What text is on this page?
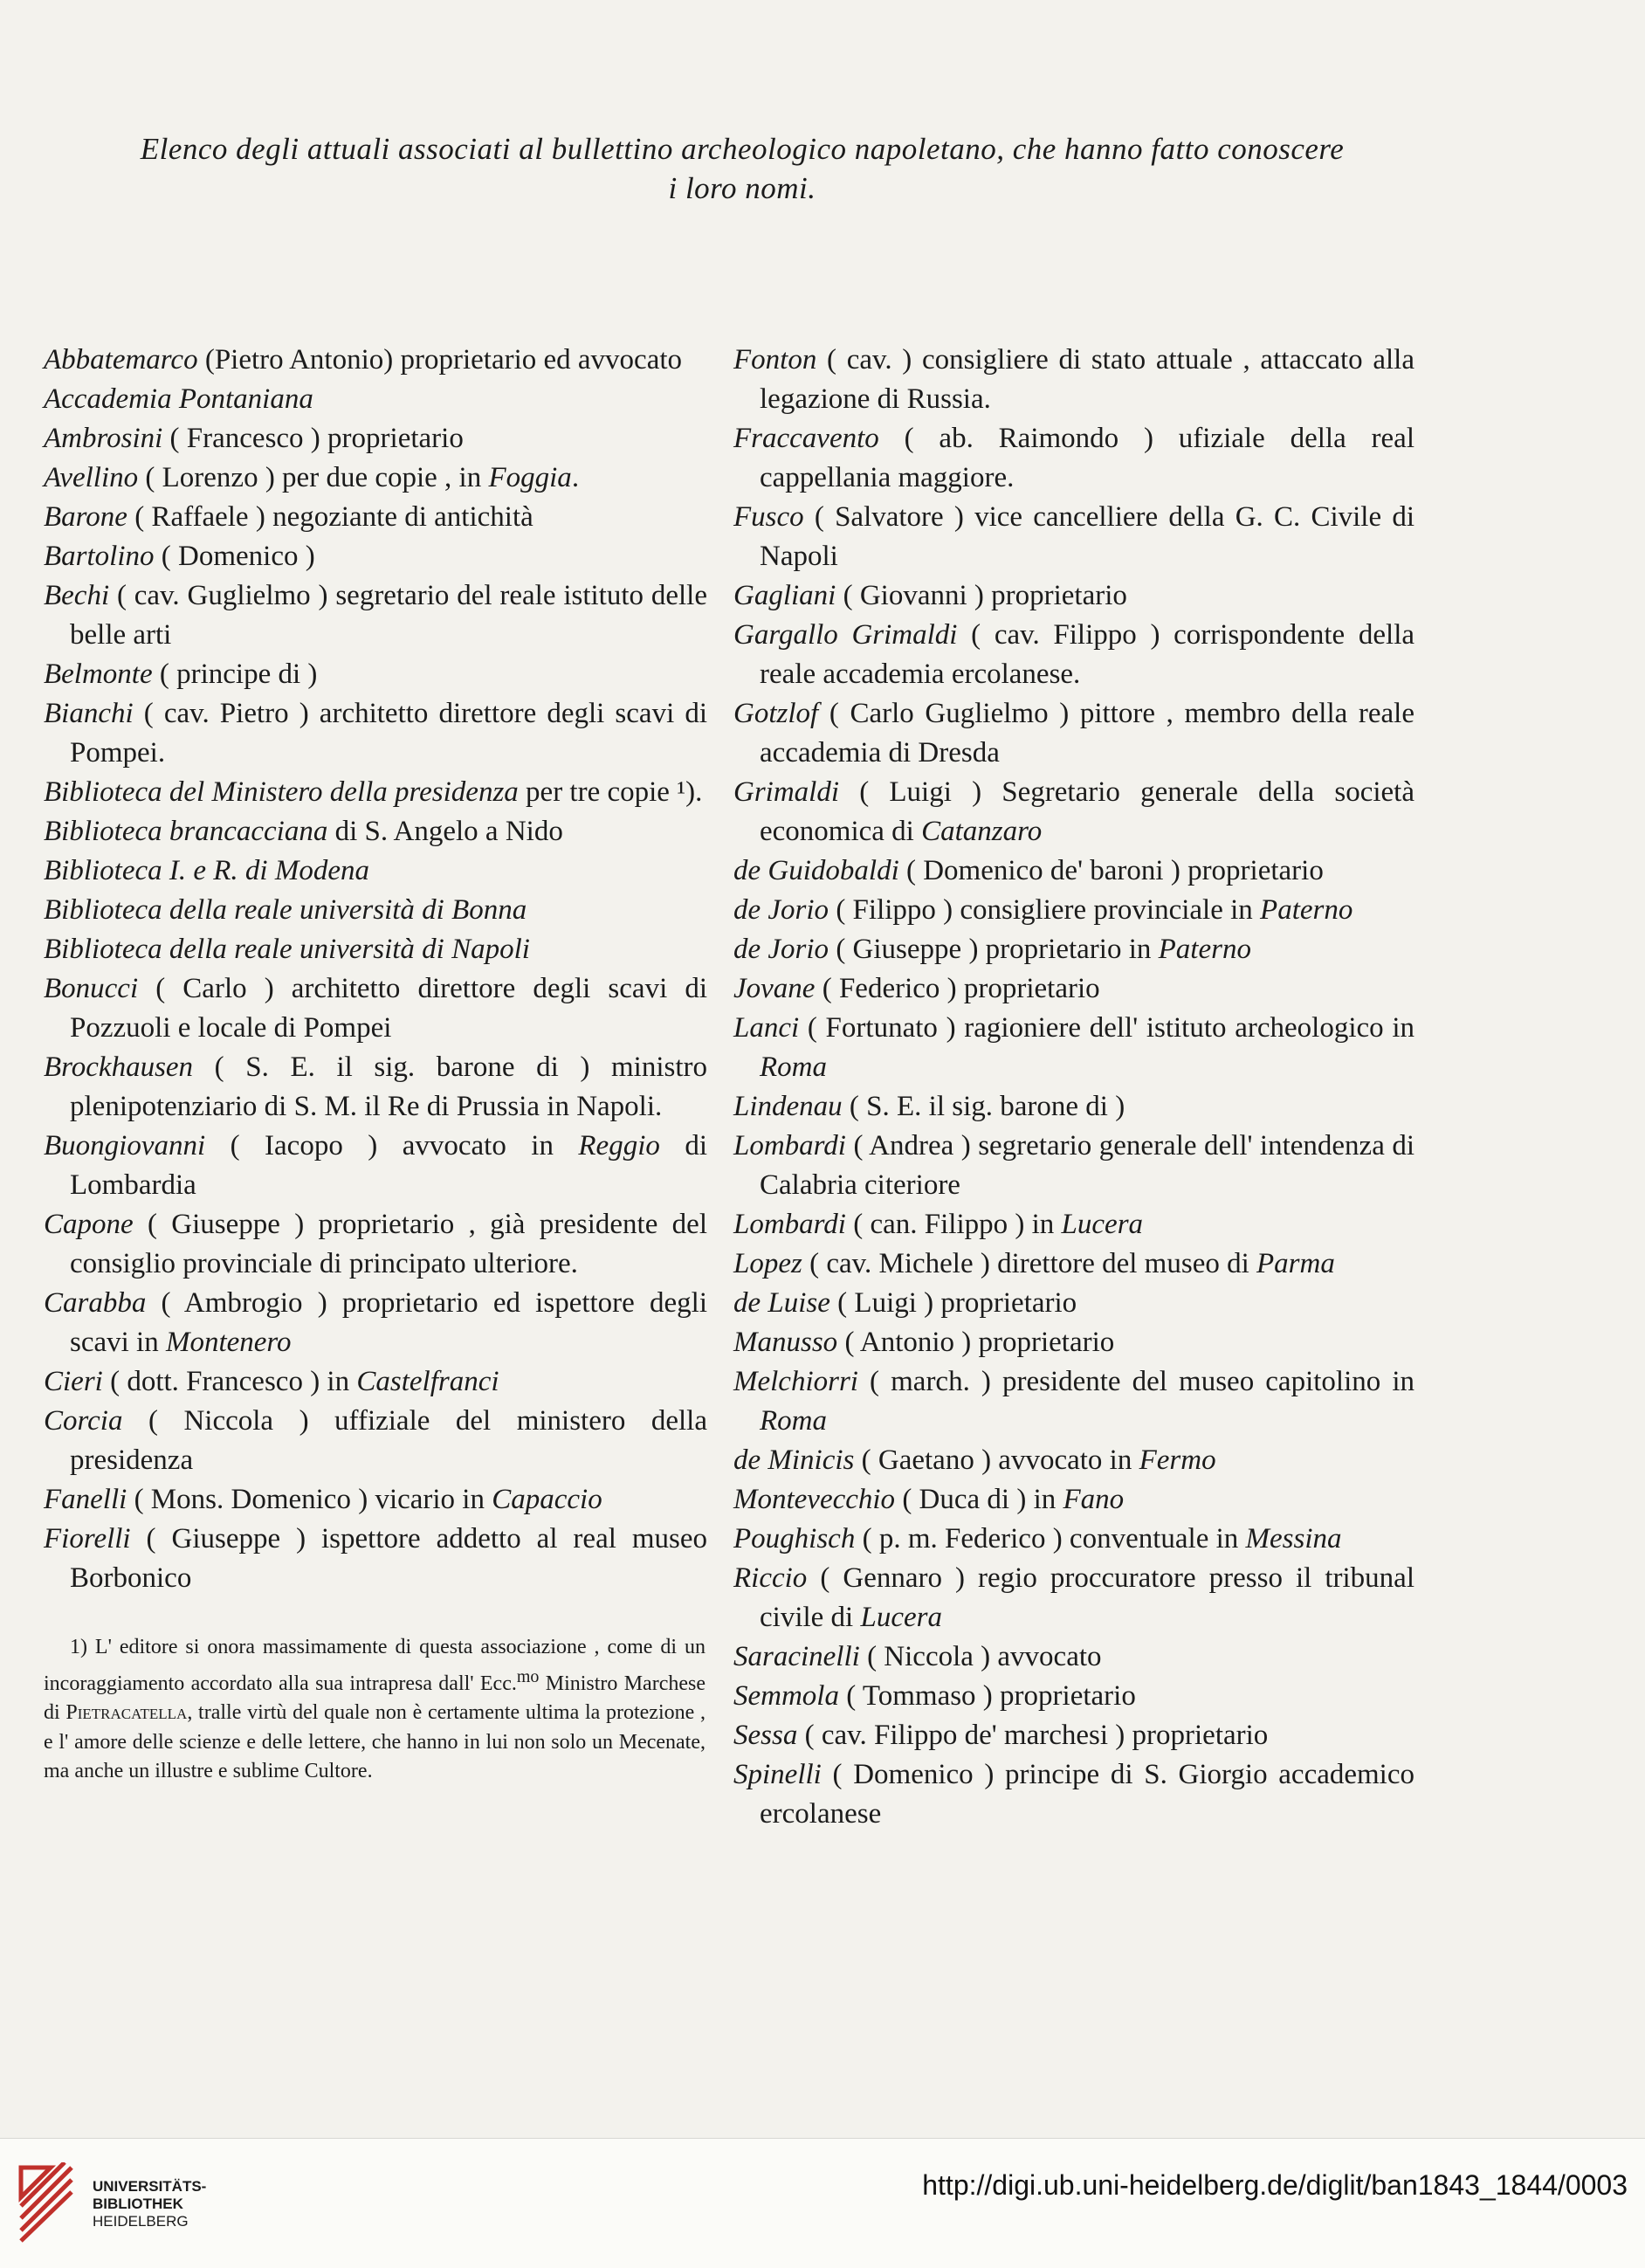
Elenco degli attuali associati al bullettino archeologico napoletano, che hanno fatto conoscere
i loro nomi.
Abbatemarco (Pietro Antonio) proprietario ed avvocato
Accademia Pontaniana
Ambrosini ( Francesco ) proprietario
Avellino ( Lorenzo ) per due copie , in Foggia.
Barone ( Raffaele ) negoziante di antichità
Bartolino ( Domenico )
Bechi ( cav. Guglielmo ) segretario del reale istituto delle belle arti
Belmonte ( principe di )
Bianchi ( cav. Pietro ) architetto direttore degli scavi di Pompei.
Biblioteca del Ministero della presidenza per tre copie ¹).
Biblioteca brancacciana di S. Angelo a Nido
Biblioteca I. e R. di Modena
Biblioteca della reale università di Bonna
Biblioteca della reale università di Napoli
Bonucci ( Carlo ) architetto direttore degli scavi di Pozzuoli e locale di Pompei
Brockhausen ( S. E. il sig. barone di ) ministro plenipotenziario di S. M. il Re di Prussia in Napoli.
Buongiovanni ( Iacopo ) avvocato in Reggio di Lombardia
Capone ( Giuseppe ) proprietario , già presidente del consiglio provinciale di principato ulteriore.
Carabba ( Ambrogio ) proprietario ed ispettore degli scavi in Montenero
Cieri ( dott. Francesco ) in Castelfranci
Corcia ( Niccola ) uffiziale del ministero della presidenza
Fanelli ( Mons. Domenico ) vicario in Capaccio
Fiorelli ( Giuseppe ) ispettore addetto al real museo Borbonico
Fonton ( cav. ) consigliere di stato attuale , attaccato alla legazione di Russia.
Fraccavento ( ab. Raimondo ) ufiziale della real cappellania maggiore.
Fusco ( Salvatore ) vice cancelliere della G. C. Civile di Napoli
Gagliani ( Giovanni ) proprietario
Gargallo Grimaldi ( cav. Filippo ) corrispondente della reale accademia ercolanese.
Gotzlof ( Carlo Guglielmo ) pittore , membro della reale accademia di Dresda
Grimaldi ( Luigi ) Segretario generale della società economica di Catanzaro
de Guidobaldi ( Domenico de' baroni ) proprietario
de Jorio ( Filippo ) consigliere provinciale in Paterno
de Jorio ( Giuseppe ) proprietario in Paterno
Jovane ( Federico ) proprietario
Lanci ( Fortunato ) ragioniere dell' istituto archeologico in Roma
Lindenau ( S. E. il sig. barone di )
Lombardi ( Andrea ) segretario generale dell' intendenza di Calabria citeriore
Lombardi ( can. Filippo ) in Lucera
Lopez ( cav. Michele ) direttore del museo di Parma
de Luise ( Luigi ) proprietario
Manusso ( Antonio ) proprietario
Melchiorri ( march. ) presidente del museo capitolino in Roma
de Minicis ( Gaetano ) avvocato in Fermo
Montevecchio ( Duca di ) in Fano
Poughisch ( p. m. Federico ) conventuale in Messina
Riccio ( Gennaro ) regio proccuratore presso il tribunal civile di Lucera
Saracinelli ( Niccola ) avvocato
Semmola ( Tommaso ) proprietario
Sessa ( cav. Filippo de' marchesi ) proprietario
Spinelli ( Domenico ) principe di S. Giorgio accademico ercolanese
1) L' editore si onora massimamente di questa associazione , come di un incoraggiamento accordato alla sua intrapresa dall' Ecc.$^{mo}$ Ministro Marchese di Pietracatella, tralle virtù del quale non è certamente ultima la protezione , e l' amore delle scienze e delle lettere, che hanno in lui non solo un Mecenate, ma anche un illustre e sublime Cultore.
UNIVERSITÄTS-
BIBLIOTHEK
HEIDELBERG
http://digi.ub.uni-heidelberg.de/diglit/ban1843_1844/0003
